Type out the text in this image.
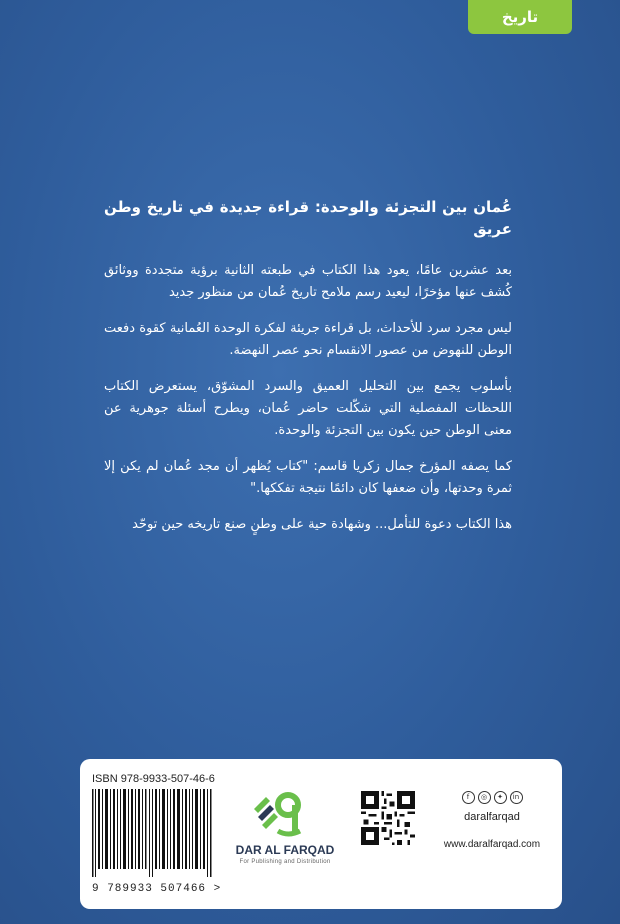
تاريخ

عُمان بين التجزئة والوحدة: قراءة جديدة في تاريخ وطن عريق

بعد عشرين عامًا، يعود هذا الكتاب في طبعته الثانية برؤية متجددة ووثائق كُشف عنها مؤخرًا، ليعيد رسم ملامح تاريخ عُمان من منظور جديد

ليس مجرد سرد للأحداث، بل قراءة جريئة لفكرة الوحدة العُمانية كقوة دفعت الوطن للنهوض من عصور الانقسام نحو عصر النهضة.

بأسلوب يجمع بين التحليل العميق والسرد المشوّق، يستعرض الكتاب اللحظات المفصلية التي شكّلت حاضر عُمان، ويطرح أسئلة جوهرية عن معنى الوطن حين يكون بين التجزئة والوحدة.

كما يصفه المؤرخ جمال زكريا قاسم: "كتاب يُظهر أن مجد عُمان لم يكن إلا ثمرة وحدتها، وأن ضعفها كان دائمًا نتيجة تفككها."

هذا الكتاب دعوة للتأمل... وشهادة حية على وطنٍ صنع تاريخه حين توحّد

ISBN 978-9933-507-46-6
9 789933 507466 >
DAR AL FARQAD
For Publishing and Distribution
f	◎	✦	in
daralfarqad
www.daralfarqad.com
